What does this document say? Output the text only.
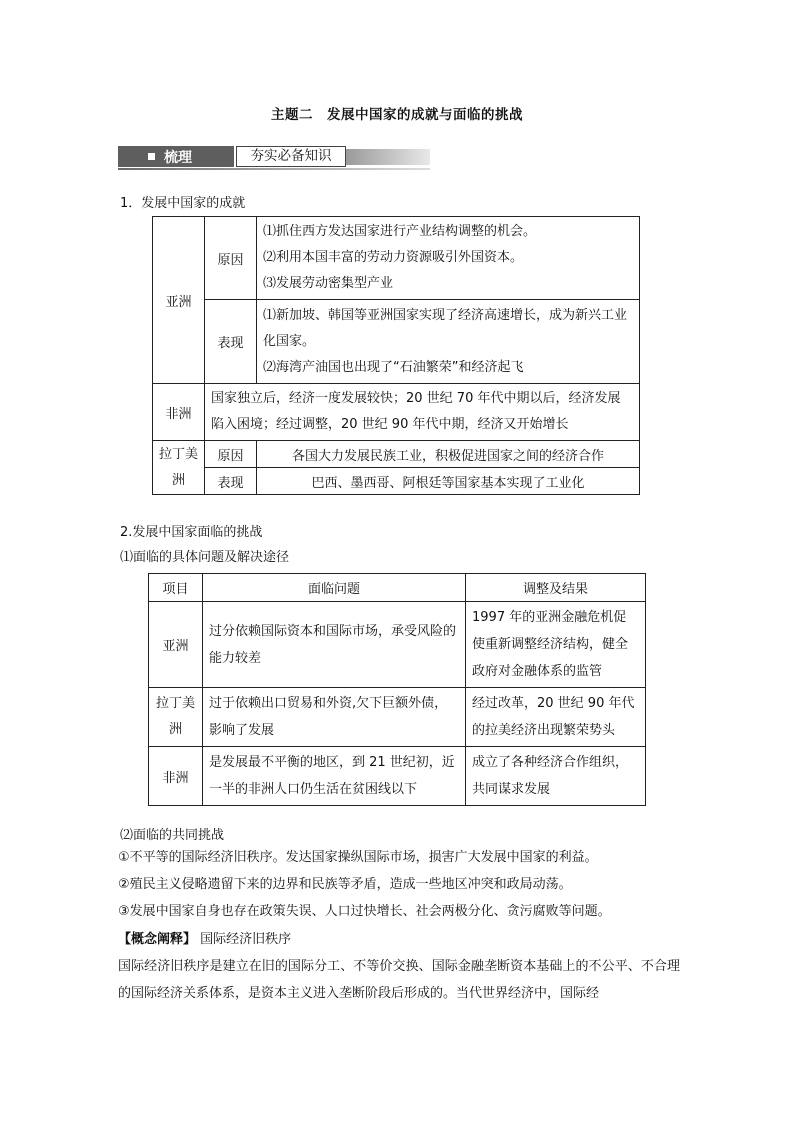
主题二　发展中国家的成就与面临的挑战
梳理	夯实必备知识
1．发展中国家的成就
亚洲	原因	⑴抓住西方发达国家进行产业结构调整的机会。
⑵利用本国丰富的劳动力资源吸引外国资本。
⑶发展劳动密集型产业

	表现	⑴新加坡、韩国等亚洲国家实现了经济高速增长，成为新兴工业化国家。
⑵海湾产油国也出现了“石油繁荣”和经济起飞

非洲	国家独立后，经济一度发展较快；20 世纪 70 年代中期以后，经济发展陷入困境；经过调整，20 世纪 90 年代中期，经济又开始增长	
拉丁美洲	原因	各国大力发展民族工业，积极促进国家之间的经济合作
	表现	巴西、墨西哥、阿根廷等国家基本实现了工业化
2.发展中国家面临的挑战
⑴面临的具体问题及解决途径
项目	面临问题	调整及结果
亚洲	过分依赖国际资本和国际市场，承受风险的能力较差	1997 年的亚洲金融危机促使重新调整经济结构，健全政府对金融体系的监管
拉丁美洲	过于依赖出口贸易和外资,欠下巨额外债，影响了发展	经过改革，20 世纪 90 年代的拉美经济出现繁荣势头
非洲	是发展最不平衡的地区，到 21 世纪初，近一半的非洲人口仍生活在贫困线以下	成立了各种经济合作组织，共同谋求发展
⑵面临的共同挑战
①不平等的国际经济旧秩序。发达国家操纵国际市场，损害广大发展中国家的利益。
②殖民主义侵略遗留下来的边界和民族等矛盾，造成一些地区冲突和政局动荡。
③发展中国家自身也存在政策失误、人口过快增长、社会两极分化、贪污腐败等问题。
【概念阐释】 国际经济旧秩序
国际经济旧秩序是建立在旧的国际分工、不等价交换、国际金融垄断资本基础上的不公平、不合理的国际经济关系体系，是资本主义进入垄断阶段后形成的。当代世界经济中，国际经
